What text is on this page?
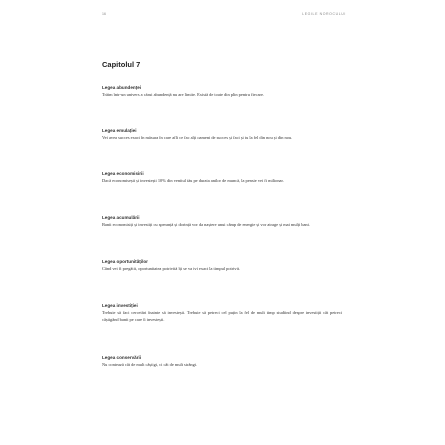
16	LEGILE NOROCULUI
Capitolul 7
Legea abundenței
Trăim într-un univers a cărui abundență nu are limite. Există de toate din plin pentru fiecare.
Legea emulației
Vei avea succes exact în măsura în care afli ce fac alți oameni de succes și faci și tu la fel din nou și din nou.
Legea economisirii
Dacă economisești și investești 10% din venitul tău pe durata anilor de muncă, la pensie vei fi milionar.
Legea acumulării
Banii economisiți și investiți cu speranță și dorință vor da naștere unui câmp de energie și vor atrage și mai mulți bani.
Legea oportunităților
Când vei fi pregătit, oportunitatea potrivită îți se va ivi exact la timpul potrivit.
Legea investiției
Trebuie să faci cercetări înainte să investești. Trebuie să petreci cel puțin la fel de mult timp studiind despre investiții cât petreci câștigând banii pe care îi investești.
Legea conservării
Nu contează cât de mult câștigi, ci cât de mult strângi.
